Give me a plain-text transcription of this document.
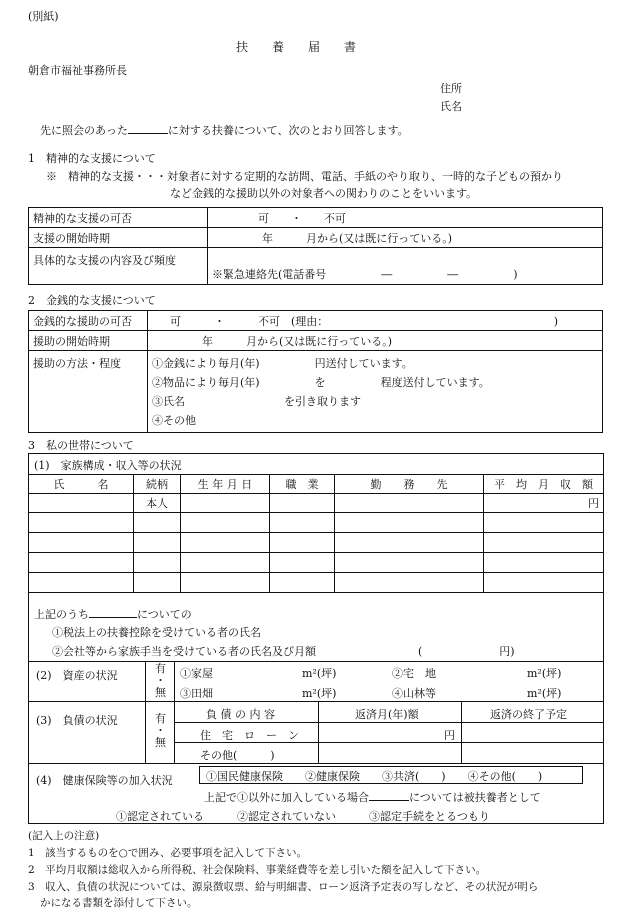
(別紙)
扶　　養　　届　　書
朝倉市福祉事務所長
住所
氏名
先に照会のあった	に対する扶養について、次のとおり回答します。
1　精神的な支援について
※　精神的な支援・・・対象者に対する定期的な訪問、電話、手紙のやり取り、一時的な子どもの預かり
など金銭的な援助以外の対象者への関わりのことをいいます。
精神的な支援の可否	可　　・　　不可
支援の開始時期	年　　　月から(又は既に行っている。)
具体的な支援の内容及び頻度	※緊急連絡先(電話番号　　　　　―　　　　　―　　　　　)
2　金銭的な支援について
金銭的な援助の可否	可　　　・　　　不可　(理由：　　　　　　　　　　　　　　　　　　　　　)
援助の開始時期	年　　　月から(又は既に行っている。)
援助の方法・程度	①金銭により毎月(年)　　　　　円送付しています。
②物品により毎月(年)　　　　　を　　　　　程度送付しています。
③氏名　　　　　　　　　を引き取ります
④その他
3　私の世帯について
(1)　家族構成・収入等の状況
氏　　　名	続柄	生 年 月 日	職　業	勤　　務　　先	平　均　月　収　額
	本人				円

上記のうち	についての
①税法上の扶養控除を受けている者の氏名
②会社等から家族手当を受けている者の氏名及び月額	(　　　　　　　円)
(2)　資産の状況
有
・
無
①家屋	m²(坪)	②宅　地	m²(坪)
③田畑	m²(坪)	④山林等	m²(坪)
(3)　負債の状況	有
・
無
負 債 の 内 容	返済月(年)額	返済の終了予定
住　宅　ロ　ー　ン	円
その他(　　　)
(4)　健康保険等の加入状況	①国民健康保険　　②健康保険　　③共済(　　)　　④その他(　　)
上記で①以外に加入している場合	については被扶養者として
①認定されている　　　②認定されていない　　　③認定手続をとるつもり
(記入上の注意)
1　該当するものを○で囲み、必要事項を記入して下さい。
2　平均月収額は総収入から所得税、社会保険料、事業経費等を差し引いた額を記入して下さい。
3　収入、負債の状況については、源泉徴収票、給与明細書、ローン返済予定表の写しなど、その状況が明ら
かになる書類を添付して下さい。
